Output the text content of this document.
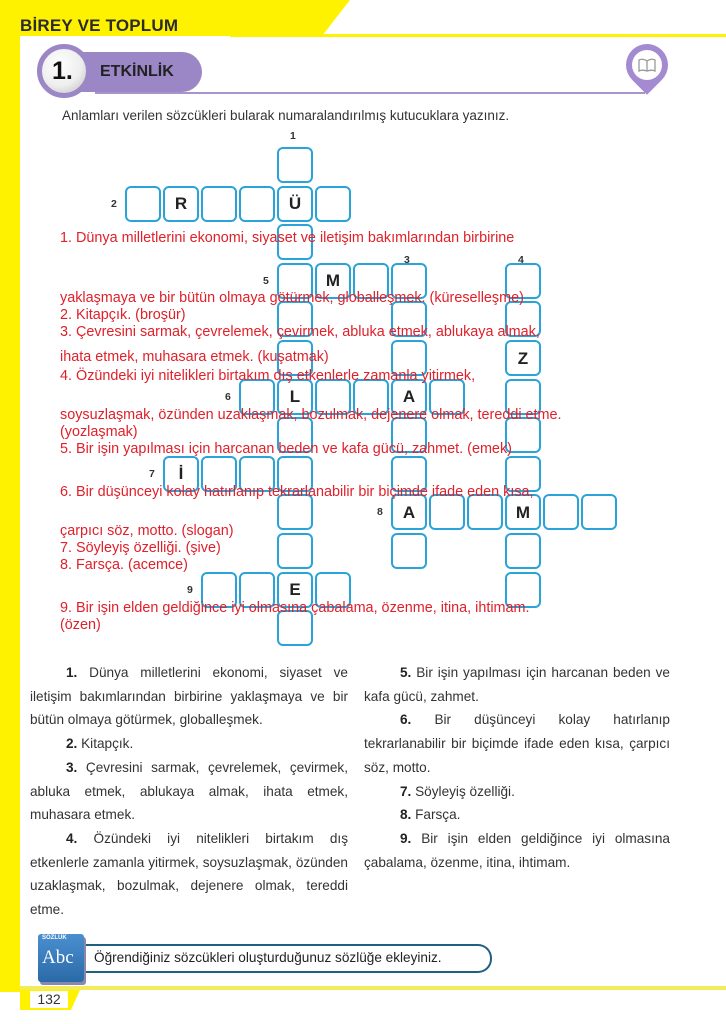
BİREY VE TOPLUM
ETKİNLİK
1.
Anlamları verilen sözcükleri bularak numaralandırılmış kutucuklara yazınız.
İ
M
M
Z
A
A
R
E
L
Ü
1
2
3	4
5
6
7
8
9
1. Dünya milletlerini ekonomi, siyaset ve iletişim bakımlarından birbirine
yaklaşmaya ve bir bütün olmaya götürmek, globalleşmek. (küreselleşme)
2. Kitapçık. (broşür)
3. Çevresini sarmak, çevrelemek, çevirmek, abluka etmek, ablukaya almak,
ihata etmek, muhasara etmek. (kuşatmak)
4. Özündeki iyi nitelikleri birtakım dış etkenlerle zamanla yitirmek,
soysuzlaşmak, özünden uzaklaşmak, bozulmak, dejenere olmak, tereddi etme.
(yozlaşmak)
5. Bir işin yapılması için harcanan beden ve kafa gücü, zahmet. (emek)
6. Bir düşünceyi kolay hatırlanıp tekrarlanabilir bir biçimde ifade eden kısa,
çarpıcı söz, motto. (slogan)
7. Söyleyiş özelliği. (şive)
8. Farsça. (acemce)
9. Bir işin elden geldiğince iyi olmasına çabalama, özenme, itina, ihtimam.
(özen)

1. Dünya milletlerini ekonomi, siyaset ve iletişim bakımlarından birbirine yaklaşmaya ve bir bütün olmaya götürmek, globalleşmek.

2. Kitapçık.

3. Çevresini sarmak, çevrelemek, çevirmek, abluka etmek, ablukaya almak, ihata etmek, muhasara etmek.

4. Özündeki iyi nitelikleri birtakım dış etkenlerle zamanla yitirmek, soysuzlaşmak, özünden uzaklaşmak, bozulmak, dejenere olmak, tereddi etme.

5. Bir işin yapılması için harcanan beden ve kafa gücü, zahmet.

6. Bir düşünceyi kolay hatırlanıp tekrarlanabilir bir biçimde ifade eden kısa, çarpıcı söz, motto.

7. Söyleyiş özelliği.

8. Farsça.

9. Bir işin elden geldiğince iyi olmasına çabalama, özenme, itina, ihtimam.

Öğrendiğiniz sözcükleri oluşturduğunuz sözlüğe ekleyiniz.
SÖZLÜK
Abc
132
